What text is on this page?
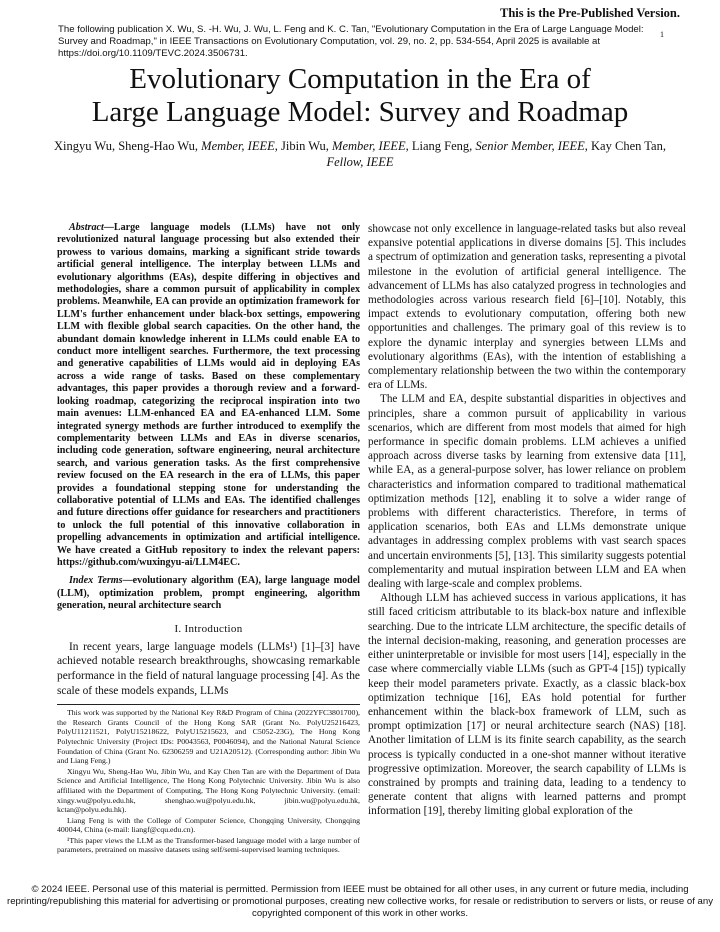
This is the Pre-Published Version.
The following publication X. Wu, S. -H. Wu, J. Wu, L. Feng and K. C. Tan, "Evolutionary Computation in the Era of Large Language Model: Survey and Roadmap," in IEEE Transactions on Evolutionary Computation, vol. 29, no. 2, pp. 534-554, April 2025 is available at https://doi.org/10.1109/TEVC.2024.3506731.
1
Evolutionary Computation in the Era of
Large Language Model: Survey and Roadmap
Xingyu Wu, Sheng-Hao Wu, Member, IEEE, Jibin Wu, Member, IEEE, Liang Feng, Senior Member, IEEE, Kay Chen Tan, Fellow, IEEE

Abstract—Large language models (LLMs) have not only revolutionized natural language processing but also extended their prowess to various domains, marking a significant stride towards artificial general intelligence. The interplay between LLMs and evolutionary algorithms (EAs), despite differing in objectives and methodologies, share a common pursuit of applicability in complex problems. Meanwhile, EA can provide an optimization framework for LLM's further enhancement under black-box settings, empowering LLM with flexible global search capacities. On the other hand, the abundant domain knowledge inherent in LLMs could enable EA to conduct more intelligent searches. Furthermore, the text processing and generative capabilities of LLMs would aid in deploying EAs across a wide range of tasks. Based on these complementary advantages, this paper provides a thorough review and a forward-looking roadmap, categorizing the reciprocal inspiration into two main avenues: LLM-enhanced EA and EA-enhanced LLM. Some integrated synergy methods are further introduced to exemplify the complementarity between LLMs and EAs in diverse scenarios, including code generation, software engineering, neural architecture search, and various generation tasks. As the first comprehensive review focused on the EA research in the era of LLMs, this paper provides a foundational stepping stone for understanding the collaborative potential of LLMs and EAs. The identified challenges and future directions offer guidance for researchers and practitioners to unlock the full potential of this innovative collaboration in propelling advancements in optimization and artificial intelligence. We have created a GitHub repository to index the relevant papers: https://github.com/wuxingyu-ai/LLM4EC.

Index Terms—evolutionary algorithm (EA), large language model (LLM), optimization problem, prompt engineering, algorithm generation, neural architecture search

I. Introduction

In recent years, large language models (LLMs¹) [1]–[3] have achieved notable research breakthroughs, showcasing remarkable performance in the field of natural language processing [4]. As the scale of these models expands, LLMs

This work was supported by the National Key R&D Program of China (2022YFC3801700), the Research Grants Council of the Hong Kong SAR (Grant No. PolyU25216423, PolyU11211521, PolyU15218622, PolyU15215623, and C5052-23G), The Hong Kong Polytechnic University (Project IDs: P0043563, P0046094), and the National Natural Science Foundation of China (Grant No. 62306259 and U21A20512). (Corresponding author: Jibin Wu and Liang Feng.)

Xingyu Wu, Sheng-Hao Wu, Jibin Wu, and Kay Chen Tan are with the Department of Data Science and Artificial Intelligence, The Hong Kong Polytechnic University. Jibin Wu is also affiliated with the Department of Computing, The Hong Kong Polytechnic University. (email: xingy.wu@polyu.edu.hk, shenghao.wu@polyu.edu.hk, jibin.wu@polyu.edu.hk, kctan@polyu.edu.hk).

Liang Feng is with the College of Computer Science, Chongqing University, Chongqing 400044, China (e-mail: liangf@cqu.edu.cn).

¹This paper views the LLM as the Transformer-based language model with a large number of parameters, pretrained on massive datasets using self/semi-supervised learning techniques.

showcase not only excellence in language-related tasks but also reveal expansive potential applications in diverse domains [5]. This includes a spectrum of optimization and generation tasks, representing a pivotal milestone in the evolution of artificial general intelligence. The advancement of LLMs has also catalyzed progress in technologies and methodologies across various research field [6]–[10]. Notably, this impact extends to evolutionary computation, offering both new opportunities and challenges. The primary goal of this review is to explore the dynamic interplay and synergies between LLMs and evolutionary algorithms (EAs), with the intention of establishing a complementary relationship between the two within the contemporary era of LLMs.

The LLM and EA, despite substantial disparities in objectives and principles, share a common pursuit of applicability in various scenarios, which are different from most models that aimed for high performance in specific domain problems. LLM achieves a unified approach across diverse tasks by learning from extensive data [11], while EA, as a general-purpose solver, has lower reliance on problem characteristics and information compared to traditional mathematical optimization methods [12], enabling it to solve a wider range of problems with different characteristics. Therefore, in terms of application scenarios, both EAs and LLMs demonstrate unique advantages in addressing complex problems with vast search spaces and uncertain environments [5], [13]. This similarity suggests potential complementarity and mutual inspiration between LLM and EA when dealing with large-scale and complex problems.

Although LLM has achieved success in various applications, it has still faced criticism attributable to its black-box nature and inflexible searching. Due to the intricate LLM architecture, the specific details of the internal decision-making, reasoning, and generation processes are either uninterpretable or invisible for most users [14], especially in the case where commercially viable LLMs (such as GPT-4 [15]) typically keep their model parameters private. Exactly, as a classic black-box optimization technique [16], EAs hold potential for further enhancement within the black-box framework of LLM, such as prompt optimization [17] or neural architecture search (NAS) [18]. Another limitation of LLM is its finite search capability, as the search process is typically conducted in a one-shot manner without iterative progressive optimization. Moreover, the search capability of LLMs is constrained by prompts and training data, leading to a tendency to generate content that aligns with learned patterns and prompt information [19], thereby limiting global exploration of the

© 2024 IEEE. Personal use of this material is permitted. Permission from IEEE must be obtained for all other uses, in any current or future media, including reprinting/republishing this material for advertising or promotional purposes, creating new collective works, for resale or redistribution to servers or lists, or reuse of any copyrighted component of this work in other works.
